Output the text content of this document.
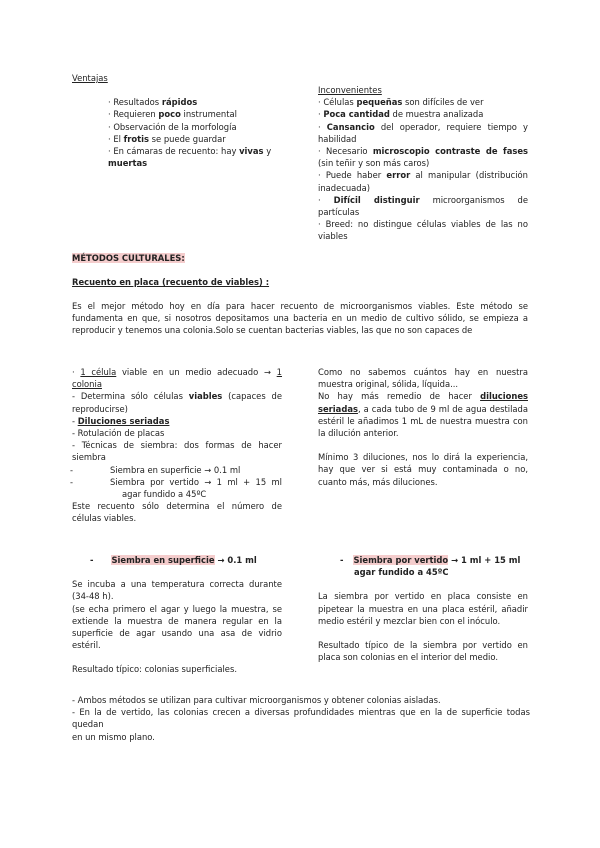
Ventajas

· Resultados rápidos

· Requieren poco instrumental

· Observación de la morfología

· El frotis se puede guardar

· En cámaras de recuento: hay vivas y

muertas

Inconvenientes

· Células pequeñas son difíciles de ver

· Poca cantidad de muestra analizada

· Cansancio del operador, requiere tiempo y habilidad

· Necesario microscopio contraste de fases (sin teñir y son más caros)

· Puede haber error al manipular (distribución inadecuada)

· Difícil distinguir microorganismos de partículas

· Breed: no distingue células viables de las no viables

MÉTODOS CULTURALES:

Recuento en placa (recuento de viables) :

Es el mejor método hoy en día para hacer recuento de microorganismos viables. Este método se fundamenta en que, si nosotros depositamos una bacteria en un medio de cultivo sólido, se empieza a reproducir y tenemos una colonia.Solo se cuentan bacterias viables, las que no son capaces de

· 1 célula viable en un medio adecuado → 1 colonia

- Determina sólo células viables (capaces de reproducirse)

- Diluciones seriadas

- Rotulación de placas

- Técnicas de siembra: dos formas de hacer siembra

-	Siembra en superficie → 0.1 ml

-	Siembra por vertido → 1 ml + 15 ml agar fundido a 45ºC

Este recuento sólo determina el número de células viables.

Como no sabemos cuántos hay en nuestra muestra original, sólida, líquida...

No hay más remedio de hacer diluciones seriadas, a cada tubo de 9 ml de agua destilada estéril le añadimos 1 mL de nuestra muestra con la dilución anterior.

Mínimo 3 diluciones, nos lo dirá la experiencia, hay que ver si está muy contaminada o no, cuanto más, más diluciones.

- Siembra en superficie → 0.1 ml

Se incuba a una temperatura correcta durante (34-48 h).

(se echa primero el agar y luego la muestra, se extiende la muestra de manera regular en la superficie de agar usando una asa de vidrio estéril.

Resultado típico: colonias superficiales.

- Siembra por vertido → 1 ml + 15 ml agar fundido a 45ºC

La siembra por vertido en placa consiste en pipetear la muestra en una placa estéril, añadir medio estéril y mezclar bien con el inóculo.

Resultado típico de la siembra por vertido en placa son colonias en el interior del medio.

- Ambos métodos se utilizan para cultivar microorganismos y obtener colonias aisladas.

- En la de vertido, las colonias crecen a diversas profundidades mientras que en la de superficie todas quedan

en un mismo plano.
